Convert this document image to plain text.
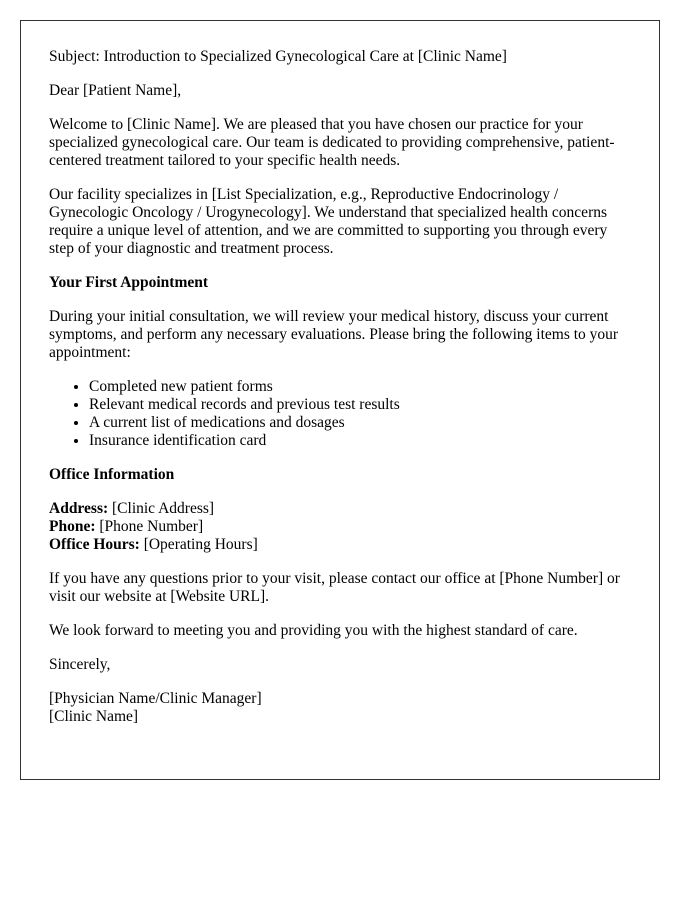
Subject: Introduction to Specialized Gynecological Care at [Clinic Name]

Dear [Patient Name],

Welcome to [Clinic Name]. We are pleased that you have chosen our practice for your specialized gynecological care. Our team is dedicated to providing comprehensive, patient-centered treatment tailored to your specific health needs.

Our facility specializes in [List Specialization, e.g., Reproductive Endocrinology / Gynecologic Oncology / Urogynecology]. We understand that specialized health concerns require a unique level of attention, and we are committed to supporting you through every step of your diagnostic and treatment process.

Your First Appointment

During your initial consultation, we will review your medical history, discuss your current symptoms, and perform any necessary evaluations. Please bring the following items to your appointment:

• Completed new patient forms
• Relevant medical records and previous test results
• A current list of medications and dosages
• Insurance identification card
Office Information
Address: [Clinic Address]
Phone: [Phone Number]
Office Hours: [Operating Hours]

If you have any questions prior to your visit, please contact our office at [Phone Number] or visit our website at [Website URL].

We look forward to meeting you and providing you with the highest standard of care.

Sincerely,

[Physician Name/Clinic Manager]
[Clinic Name]
